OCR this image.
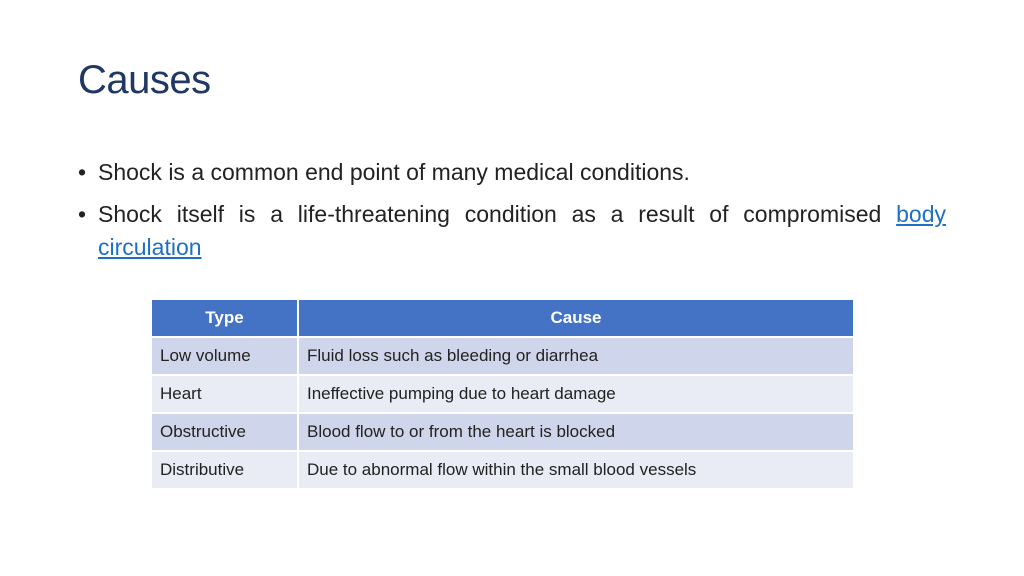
Causes
• Shock is a common end point of many medical conditions.
• Shock itself is a life-threatening condition as a result of compromised body circulation
Type	Cause
Low volume	Fluid loss such as bleeding or diarrhea
Heart	Ineffective pumping due to heart damage
Obstructive	Blood flow to or from the heart is blocked
Distributive	Due to abnormal flow within the small blood vessels
